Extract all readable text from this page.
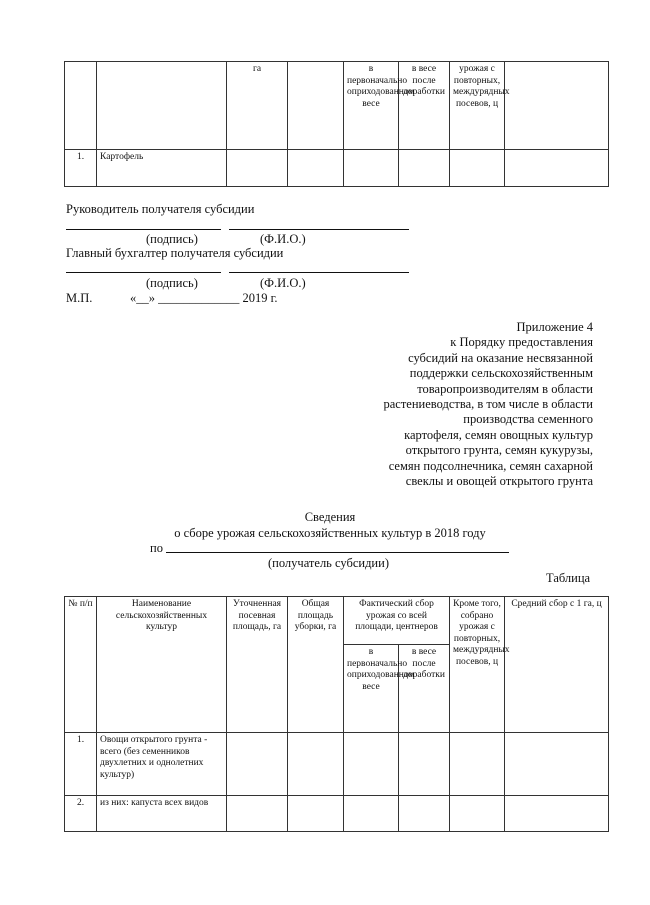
		га		в первоначально оприходованном весе	в весе после доработки	урожая с повторных, междурядных посевов, ц	
1.	Картофель						
Руководитель получателя субсидии
(подпись)	(Ф.И.О.)
Главный бухгалтер получателя субсидии
(подпись)	(Ф.И.О.)
М.П.	«__» _____________ 2019 г.
Приложение 4
к Порядку предоставления
субсидий на оказание несвязанной
поддержки сельскохозяйственным
товаропроизводителям в области
растениеводства, в том числе в области
производства семенного
картофеля, семян овощных культур
открытого грунта, семян кукурузы,
семян подсолнечника, семян сахарной
свеклы и овощей открытого грунта
Сведения
о сборе урожая сельскохозяйственных культур в 2018 году
по
(получатель субсидии)
Таблица
№ п/п	Наименование сельскохозяйственных культур	Уточненная посевная площадь, га	Общая площадь уборки, га	Фактический сбор урожая со всей площади, центнеров		Кроме того, собрано урожая с повторных, междурядных посевов, ц	Средний сбор с 1 га, ц
				в первоначально оприходованном весе	в весе после доработки		
1.	Овощи открытого грунта - всего (без семенников двухлетних и однолетних культур)						
2.	из них: капуста всех видов						
